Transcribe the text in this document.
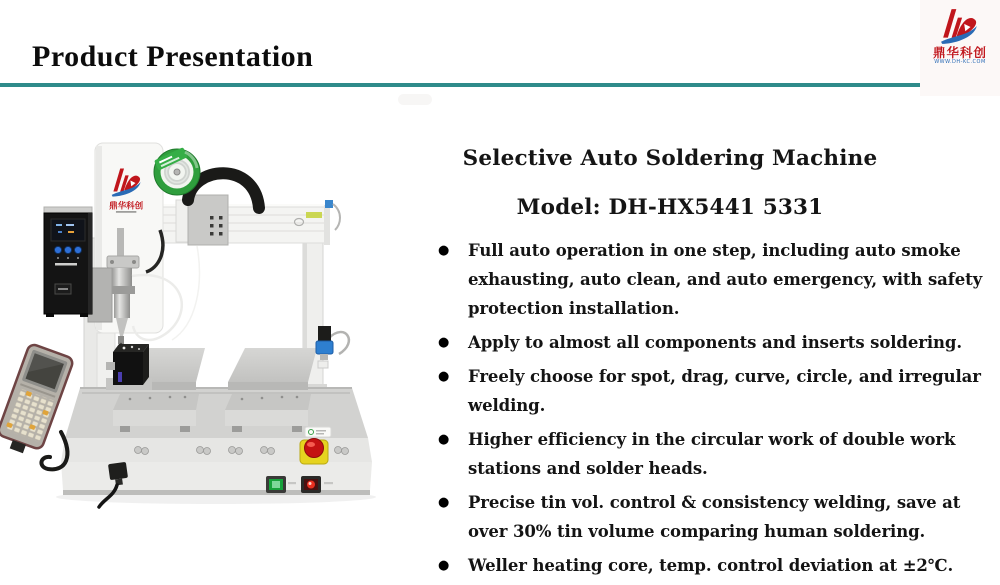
Product Presentation	鼎华科创
WWW.DH-KC.COM
鼎华科创
Selective Auto Soldering Machine
Model: DH-HX5441 5331
●	Full auto operation in one step, including auto smoke exhausting, auto clean, and auto emergency, with safety protection installation.
●	Apply to almost all components and inserts soldering.
●	Freely choose for spot, drag, curve, circle, and irregular welding.
●	Higher efficiency in the circular work of double work stations and solder heads.
●	Precise tin vol. control & consistency welding, save at over 30% tin volume comparing human soldering.
●	Weller heating core, temp. control deviation at ±2℃.
